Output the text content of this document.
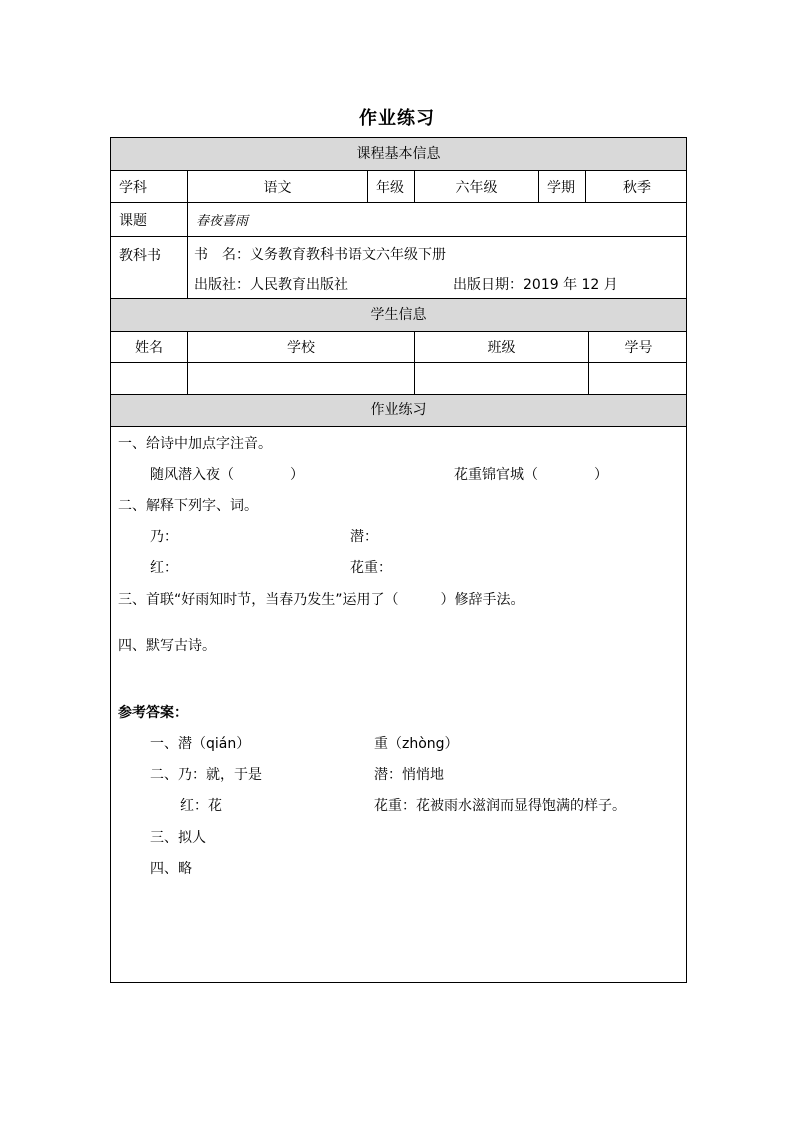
作业练习
课程基本信息
学科	语文	年级	六年级	学期	秋季
课题	春夜喜雨
教科书	书　名：义务教育教科书语文六年级下册
出版社：人民教育出版社	出版日期：2019 年 12 月
学生信息
姓名	学校	班级	学号
作业练习
一、给诗中加点字注音。
随风潜入夜（　　　　）	花重锦官城（　　　　）
二、解释下列字、词。
乃：	潜：
红：	花重：
三、首联“好雨知时节，当春乃发生”运用了（　　　）修辞手法。
四、默写古诗。
参考答案：
一、潜（qián）	重（zhòng）
二、乃：就，于是	潜：悄悄地
红：花	花重：花被雨水滋润而显得饱满的样子。
三、拟人
四、略
